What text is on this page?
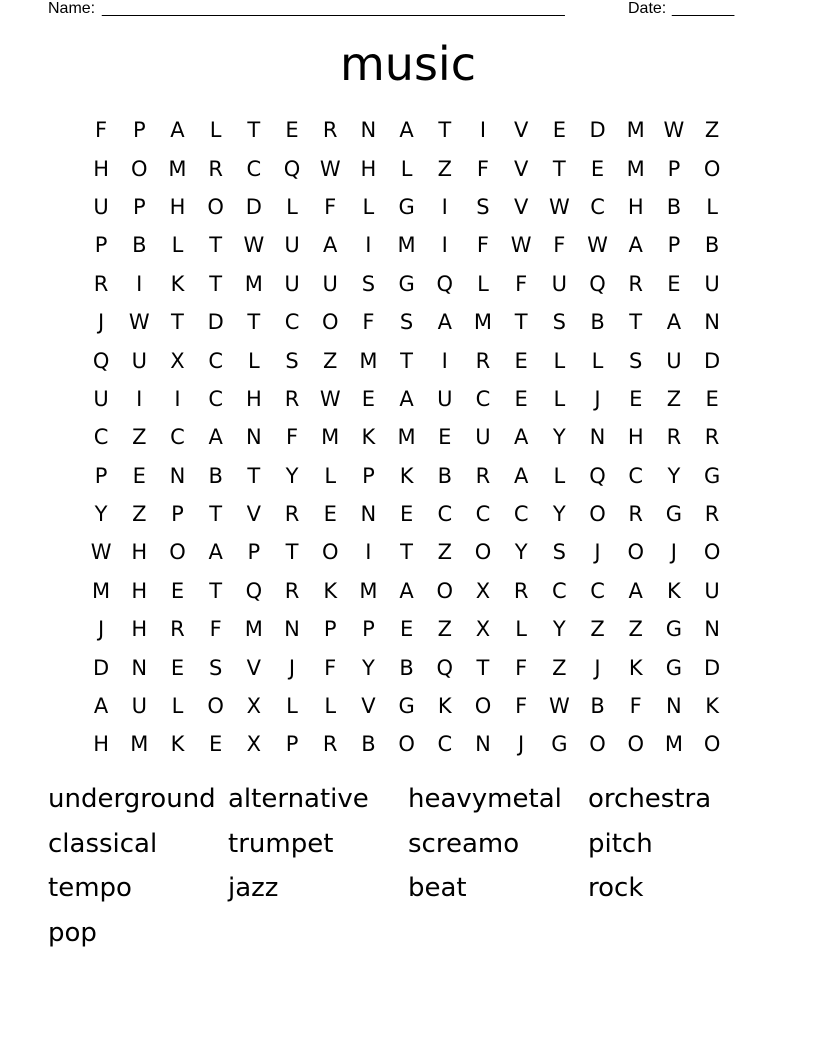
Name:

____________________________________________________

	Date:

_______

music
F	P	A	L	T	E	R	N	A	T	I	V	E	D	M W Z
H	O M	R	C	Q W H	L	Z	F	V	T	E	M	P	O
U	P	H	O	D	L	F	L	G	I	S	V W C	H	B	L
P	B	L	T	W U	A	I	M	I	F	W	F	W A	P	B
R	I	K	T	M	U	U	S	G	Q	L	F	U	Q	R	E	U
J	W	T	D	T	C	O	F	S	A	M	T	S	B	T	A	N
Q	U	X	C	L	S	Z	M	T	I	R	E	L	L	S	U	D
U	I	I	C	H	R W	E	A	U	C	E	L	J	E	Z	E
C	Z	C	A	N	F	M	K	M	E	U	A	Y	N	H	R	R
P	E	N	B	T	Y	L	P	K	B	R	A	L	Q	C	Y	G
Y	Z	P	T	V	R	E	N	E	C	C	C	Y	O	R	G	R
W H	O	A	P	T	O	I	T	Z	O	Y	S	J	O	J	O
M	H	E	T	Q	R	K	M	A	O	X	R	C	C	A	K	U
J	H	R	F	M	N	P	P	E	Z	X	L	Y	Z	Z	G	N
D	N	E	S	V	J	F	Y	B	Q	T	F	Z	J	K	G	D
A	U	L	O	X	L	L	V	G	K	O	F	W B	F	N	K
H	M	K	E	X	P	R	B	O	C	N	J	G	O	O M O
underground alternative	heavymetal	orchestra
classical	trumpet	screamo	pitch
tempo	jazz	beat	rock
pop
